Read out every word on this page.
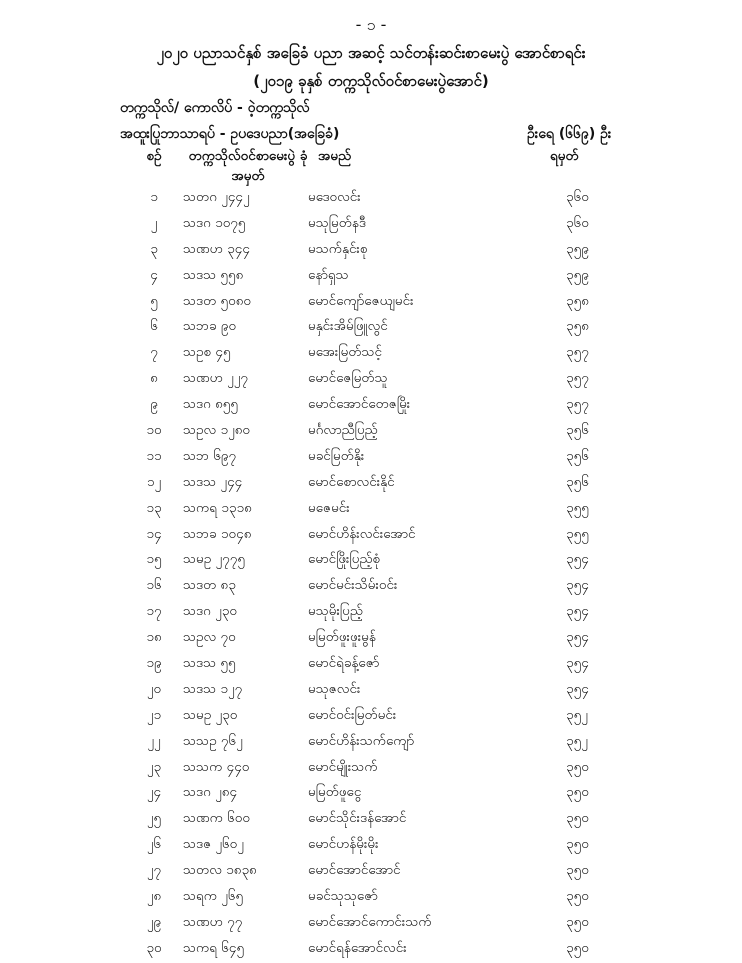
- ၁ -
၂၀၂၀ ပညာသင်နှစ် အခြေခံ ပညာ အဆင့် သင်တန်းဆင်းစာမေးပွဲ အောင်စာရင်း
(၂၀၁၉ ခုနှစ် တက္ကသိုလ်ဝင်စာမေးပွဲအောင်)
တက္ကသိုလ်/ ကောလိပ် - ဝဲ့တက္ကသိုလ်
အထူးပြုဘာသာရပ် - ဥပဒေပညာ(အခြေခံ)	ဦးရေ (၆၆၉) ဦး
စဉ်	တက္ကသိုလ်ဝင်စာမေးပွဲ ခုံအမှတ်
အမည်	ရမှတ်
၁	သတဂ ၂၄၄၂	မဒေဝလင်း	၃၆၀
၂	သဒဂ ၁၀၇၅	မသုမြတ်နဒီ	၃၆၀
၃	သဏဟ ၃၄၄	မသက်နှင်းစု	၃၅၉
၄	သဒသ ၅၅၈	နော်ရှသ	၃၅၉
၅	သဒတ ၅၀၈၀	မောင်ကျော်ဇေယျမင်း	၃၅၈
၆	သဘခ ၉၀	မနှင်းအိမ်ဖြူလွင်	၃၅၈
၇	သဥစ ၄၅	မအေးမြတ်သင့်	၃၅၇
၈	သဏဟ ၂၂၇	မောင်ဇေမြတ်သူ	၃၅၇
၉	သဒဂ ၈၅၅	မောင်အောင်တေဇမြိုး	၃၅၇
၁၀	သဥလ ၁၂၈၀	မင်္ဂလာညီပြည့်	၃၅၆
၁၁	သဘ ၆၉၇	မခင်မြတ်နိုး	၃၅၆
၁၂	သဒသ ၂၄၄	မောင်စောလင်းနိုင်	၃၅၆
၁၃	သကရ ၁၃၁၈	မဇေမင်း	၃၅၅
၁၄	သဘခ ၁၀၄၈	မောင်ဟိန်းလင်းအောင်	၃၅၅
၁၅	သမဥ ၂၇၇၅	မောင်ဖြိုးပြည့်စုံ	၃၅၄
၁၆	သဒတ ၈၃	မောင်မင်းသိမ်းဝင်း	၃၅၄
၁၇	သဒဂ ၂၃၀	မသုမိုးပြည့်	၃၅၄
၁၈	သဥလ ၇၀	မမြတ်ဖူးဖူးမွန်	၃၅၄
၁၉	သဒသ ၅၅	မောင်ရဲခန့်ဇော်	၃၅၄
၂၀	သဒသ ၁၂၇	မသုဇလင်း	၃၅၄
၂၁	သမဥ ၂၃၀	မောင်ဝင်းမြတ်မင်း	၃၅၂
၂၂	သသဥ ၇၆၂	မောင်ဟိန်းသက်ကျော်	၃၅၂
၂၃	သသက ၄၄၀	မောင်မျိုးသက်	၃၅၀
၂၄	သဒဂ ၂၈၄	မမြတ်ဖူငွေ	၃၅၀
၂၅	သဏက ၆၀၀	မောင်သိုင်းဒန်အောင်	၃၅၀
၂၆	သဒဇ ၂၆၀၂	မောင်ဟန်မိုးမိုး	၃၅၀
၂၇	သတလ ၁၈၃၈	မောင်အောင်အောင်	၃၅၀
၂၈	သရက ၂၆၅	မခင်သုသုဇော်	၃၅၀
၂၉	သဏဟ ၇၇	မောင်အောင်ကောင်းသက်	၃၅၀
၃၀	သကရ ၆၄၅	မောင်ရန်အောင်လင်း	၃၅၀
